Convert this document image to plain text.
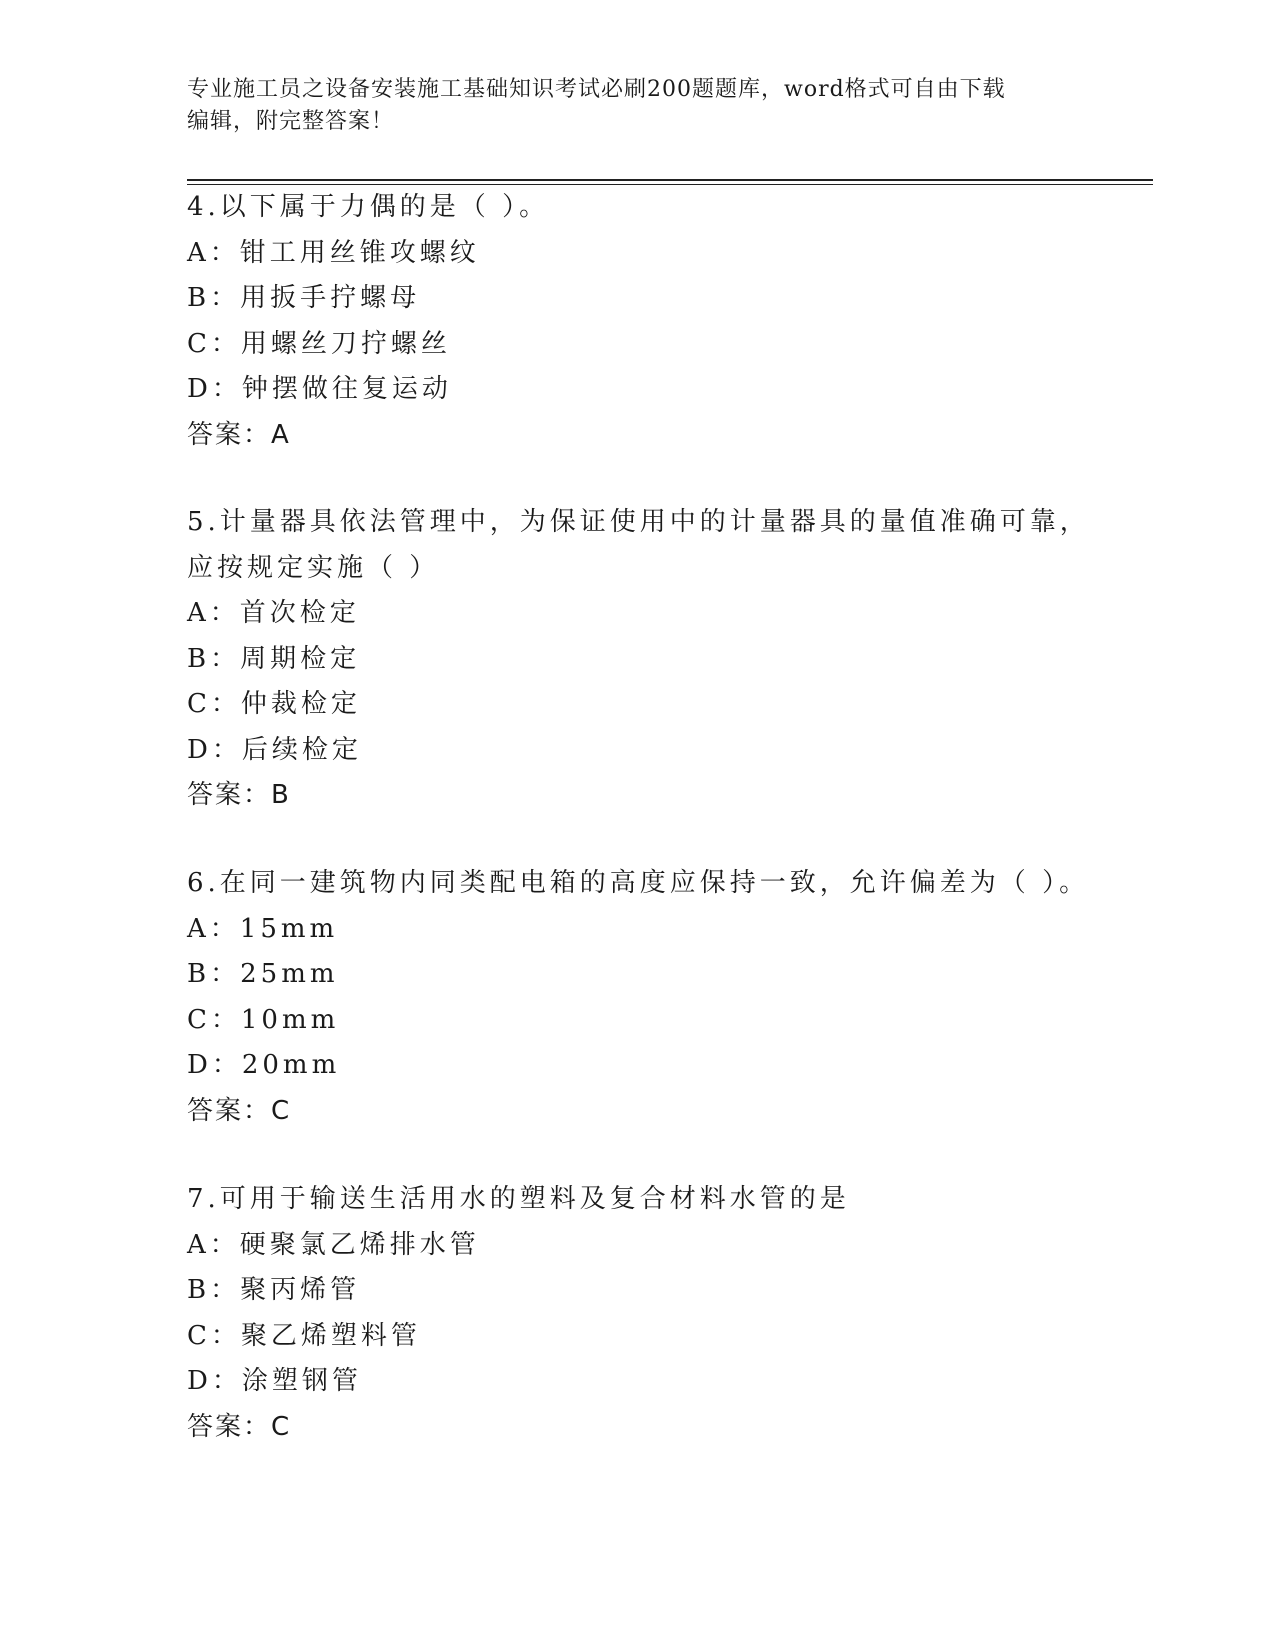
专业施工员之设备安装施工基础知识考试必刷200题题库，word格式可自由下载
编辑，附完整答案！
4.以下属于力偶的是（ ）。
A：钳工用丝锥攻螺纹
B：用扳手拧螺母
C：用螺丝刀拧螺丝
D：钟摆做往复运动
答案：A
5.计量器具依法管理中，为保证使用中的计量器具的量值准确可靠，
应按规定实施（ ）
A：首次检定
B：周期检定
C：仲裁检定
D：后续检定
答案：B
6.在同一建筑物内同类配电箱的高度应保持一致，允许偏差为（ ）。
A：15mm
B：25mm
C：10mm
D：20mm
答案：C
7.可用于输送生活用水的塑料及复合材料水管的是
A：硬聚氯乙烯排水管
B：聚丙烯管
C：聚乙烯塑料管
D：涂塑钢管
答案：C
